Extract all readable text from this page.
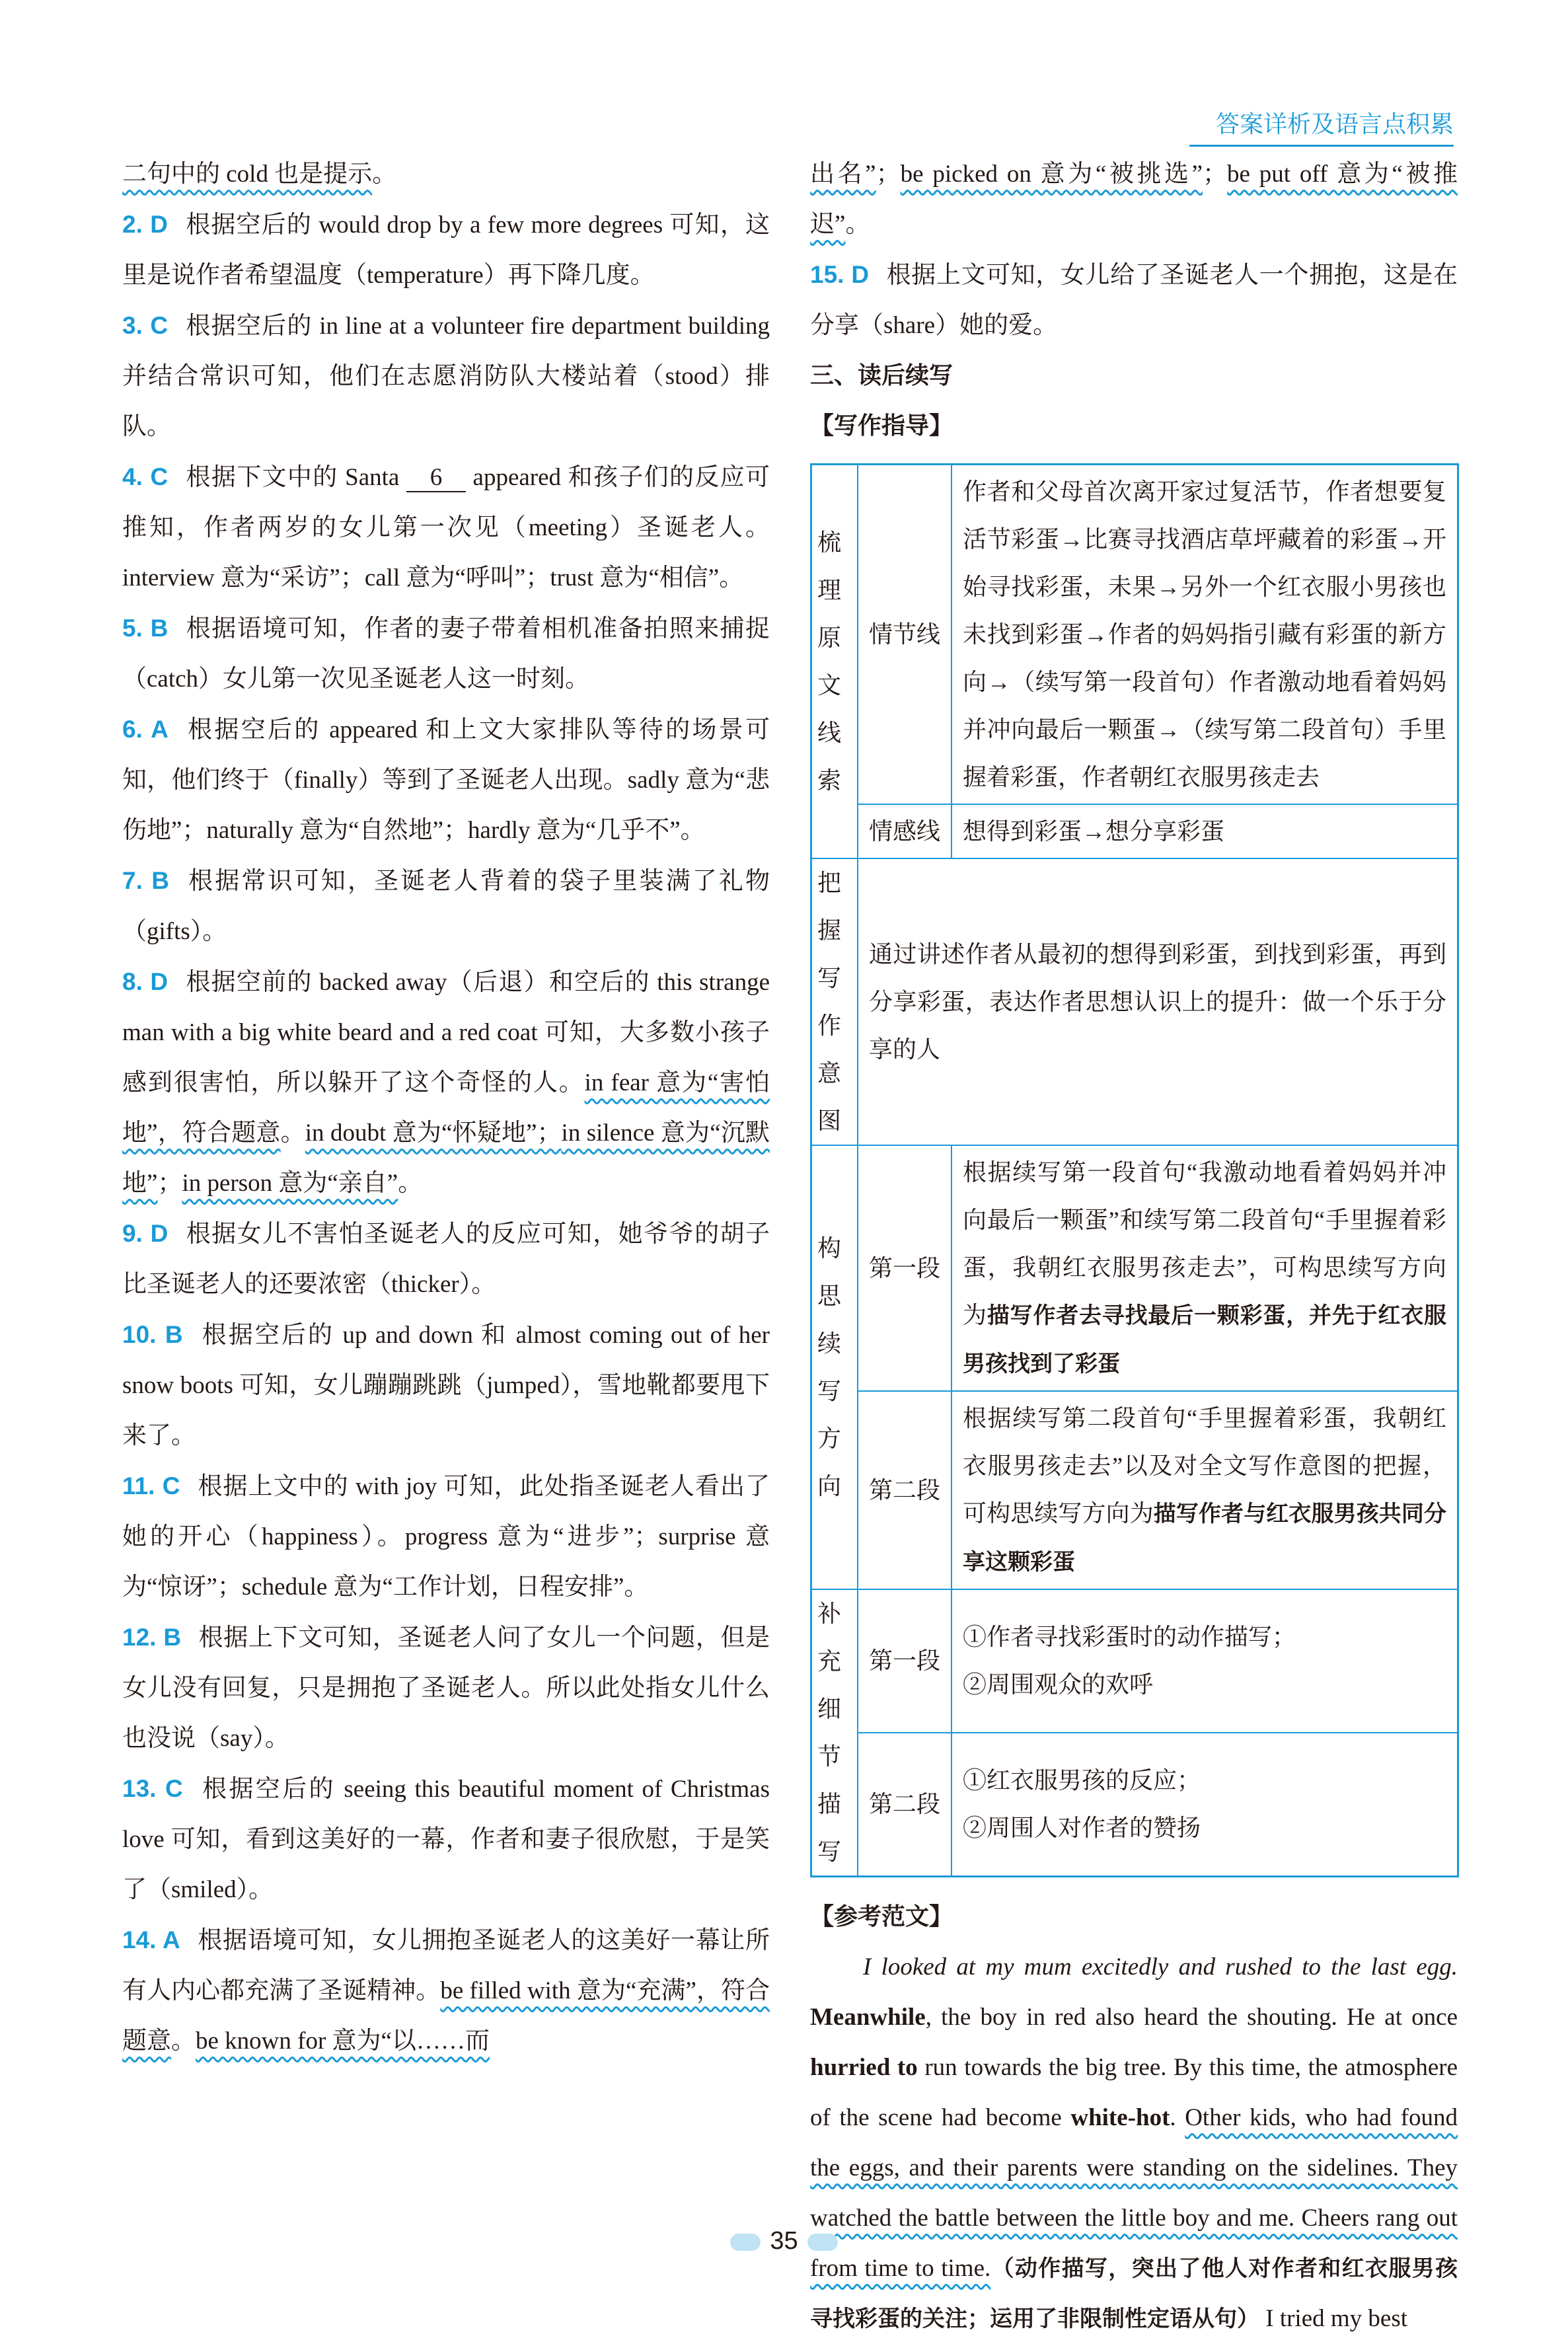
答案详析及语言点积累

二句中的 cold 也是提示。

2. D 根据空后的 would drop by a few more degrees 可知，这里是说作者希望温度（temperature）再下降几度。

3. C 根据空后的 in line at a volunteer fire department building 并结合常识可知，他们在志愿消防队大楼站着（stood）排队。

4. C 根据下文中的 Santa 6 appeared 和孩子们的反应可推知，作者两岁的女儿第一次见（meeting）圣诞老人。interview 意为“采访”；call 意为“呼叫”；trust 意为“相信”。

5. B 根据语境可知，作者的妻子带着相机准备拍照来捕捉（catch）女儿第一次见圣诞老人这一时刻。

6. A 根据空后的 appeared 和上文大家排队等待的场景可知，他们终于（finally）等到了圣诞老人出现。sadly 意为“悲伤地”；naturally 意为“自然地”；hardly 意为“几乎不”。

7. B 根据常识可知，圣诞老人背着的袋子里装满了礼物（gifts）。

8. D 根据空前的 backed away（后退）和空后的 this strange man with a big white beard and a red coat 可知，大多数小孩子感到很害怕，所以躲开了这个奇怪的人。in fear 意为“害怕地”，符合题意。in doubt 意为“怀疑地”；in silence 意为“沉默地”；in person 意为“亲自”。

9. D 根据女儿不害怕圣诞老人的反应可知，她爷爷的胡子比圣诞老人的还要浓密（thicker）。

10. B 根据空后的 up and down 和 almost coming out of her snow boots 可知，女儿蹦蹦跳跳（jumped），雪地靴都要甩下来了。

11. C 根据上文中的 with joy 可知，此处指圣诞老人看出了她的开心（happiness）。progress 意为“进步”；surprise 意为“惊讶”；schedule 意为“工作计划，日程安排”。

12. B 根据上下文可知，圣诞老人问了女儿一个问题，但是女儿没有回复，只是拥抱了圣诞老人。所以此处指女儿什么也没说（say）。

13. C 根据空后的 seeing this beautiful moment of Christmas love 可知，看到这美好的一幕，作者和妻子很欣慰，于是笑了（smiled）。

14. A 根据语境可知，女儿拥抱圣诞老人的这美好一幕让所有人内心都充满了圣诞精神。be filled with 意为“充满”，符合题意。be known for 意为“以……而

出名”；be picked on 意为“被挑选”；be put off 意为“被推迟”。

15. D 根据上文可知，女儿给了圣诞老人一个拥抱，这是在分享（share）她的爱。

三、读后续写

【写作指导】

梳理原文线索	情节线	作者和父母首次离开家过复活节，作者想要复活节彩蛋→比赛寻找酒店草坪藏着的彩蛋→开始寻找彩蛋，未果→另外一个红衣服小男孩也未找到彩蛋→作者的妈妈指引藏有彩蛋的新方向→（续写第一段首句）作者激动地看着妈妈并冲向最后一颗蛋→（续写第二段首句）手里握着彩蛋，作者朝红衣服男孩走去
	情感线	想得到彩蛋→想分享彩蛋
把握写作意图	通过讲述作者从最初的想得到彩蛋，到找到彩蛋，再到分享彩蛋，表达作者思想认识上的提升：做一个乐于分享的人	
构思续写方向	第一段	根据续写第一段首句“我激动地看着妈妈并冲向最后一颗蛋”和续写第二段首句“手里握着彩蛋，我朝红衣服男孩走去”，可构思续写方向为描写作者去寻找最后一颗彩蛋，并先于红衣服男孩找到了彩蛋
	第二段	根据续写第二段首句“手里握着彩蛋，我朝红衣服男孩走去”以及对全文写作意图的把握，可构思续写方向为描写作者与红衣服男孩共同分享这颗彩蛋
补充细节描写	第一段	①作者寻找彩蛋时的动作描写；
②周围观众的欢呼

	第二段	①红衣服男孩的反应；
②周围人对作者的赞扬

【参考范文】

I looked at my mum excitedly and rushed to the last egg. Meanwhile, the boy in red also heard the shouting. He at once hurried to run towards the big tree. By this time, the atmosphere of the scene had become white-hot. Other kids, who had found the eggs, and their parents were standing on the sidelines. They watched the battle between the little boy and me. Cheers rang out from time to time.（动作描写，突出了他人对作者和红衣服男孩寻找彩蛋的关注；运用了非限制性定语从句） I tried my best

35
